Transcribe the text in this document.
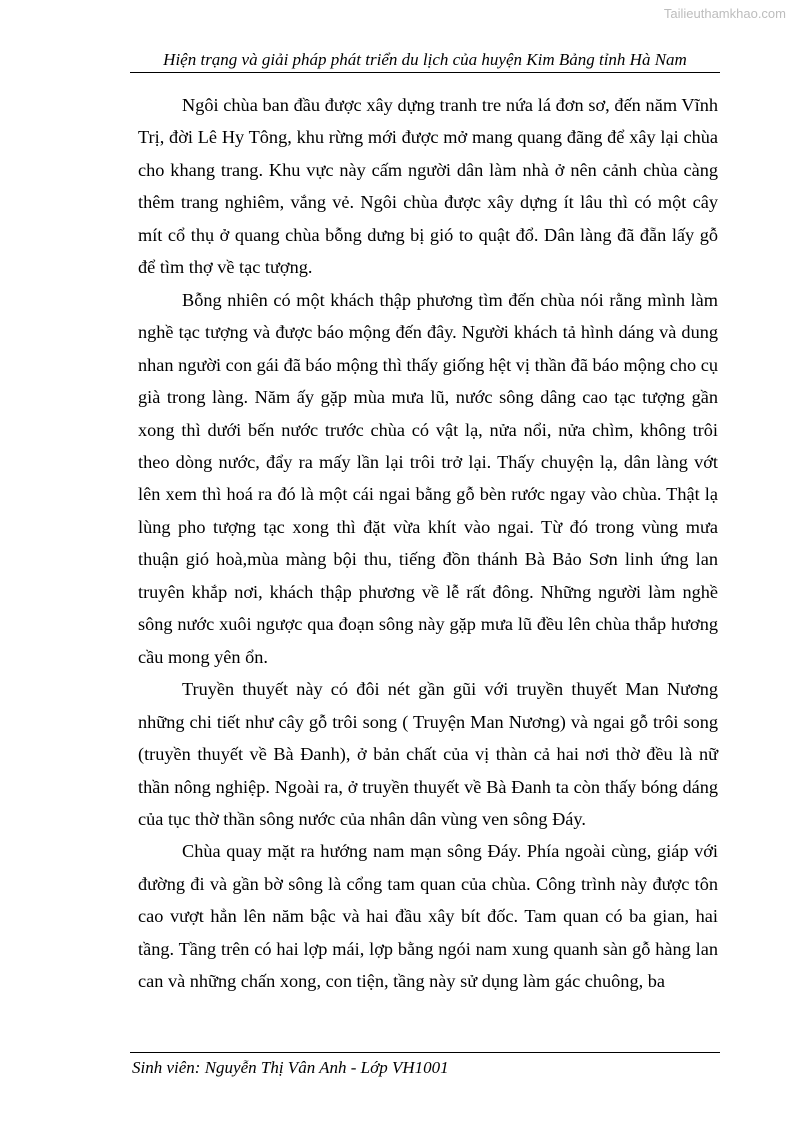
Tailieuthamkhao.com
Hiện trạng và giải pháp phát triển du lịch của huyện Kim Bảng tỉnh Hà Nam

Ngôi chùa ban đầu được xây dựng tranh tre nứa lá đơn sơ, đến năm Vĩnh Trị, đời Lê Hy Tông, khu rừng mới được mở mang quang đãng để xây lại chùa cho khang trang. Khu vực này cấm người dân làm nhà ở nên cảnh chùa càng thêm trang nghiêm, vắng vẻ. Ngôi chùa được xây dựng ít lâu thì có một cây mít cổ thụ ở quang chùa bỗng dưng bị gió to quật đổ. Dân làng đã đẵn lấy gỗ để tìm thợ về tạc tượng.

Bỗng nhiên có một khách thập phương tìm đến chùa nói rằng mình làm nghề tạc tượng và được báo mộng đến đây. Người khách tả hình dáng và dung nhan người con gái đã báo mộng thì thấy giống hệt vị thần đã báo mộng cho cụ già trong làng. Năm ấy gặp mùa mưa lũ, nước sông dâng cao tạc tượng gần xong thì dưới bến nước trước chùa có vật lạ, nửa nổi, nửa chìm, không trôi theo dòng nước, đẩy ra mấy lần lại trôi trở lại. Thấy chuyện lạ, dân làng vớt lên xem thì hoá ra đó là một cái ngai bằng gỗ bèn rước ngay vào chùa. Thật lạ lùng pho tượng tạc xong thì đặt vừa khít vào ngai. Từ đó trong vùng mưa thuận gió hoà,mùa màng bội thu, tiếng đồn thánh Bà Bảo Sơn linh ứng lan truyên khắp nơi, khách thập phương về lễ rất đông. Những người làm nghề sông nước xuôi ngược qua đoạn sông này gặp mưa lũ đều lên chùa thắp hương cầu mong yên ổn.

Truyền thuyết này có đôi nét gần gũi với truyền thuyết Man Nương những chi tiết như cây gỗ trôi song ( Truyện Man Nương) và ngai gỗ trôi song (truyền thuyết về Bà Đanh), ở bản chất của vị thàn cả hai nơi thờ đều là nữ thần nông nghiệp. Ngoài ra, ở truyền thuyết về Bà Đanh ta còn thấy bóng dáng của tục thờ thần sông nước của nhân dân vùng ven sông Đáy.

Chùa quay mặt ra hướng nam mạn sông Đáy. Phía ngoài cùng, giáp với đường đi và gần bờ sông là cổng tam quan của chùa. Công trình này được tôn cao vượt hẳn lên năm bậc và hai đầu xây bít đốc. Tam quan có ba gian, hai tầng. Tầng trên có hai lợp mái, lợp bằng ngói nam xung quanh sàn gỗ hàng lan can và những chấn xong, con tiện, tầng này sử dụng làm gác chuông, ba

Sinh viên: Nguyễn Thị Vân Anh - Lớp VH1001
